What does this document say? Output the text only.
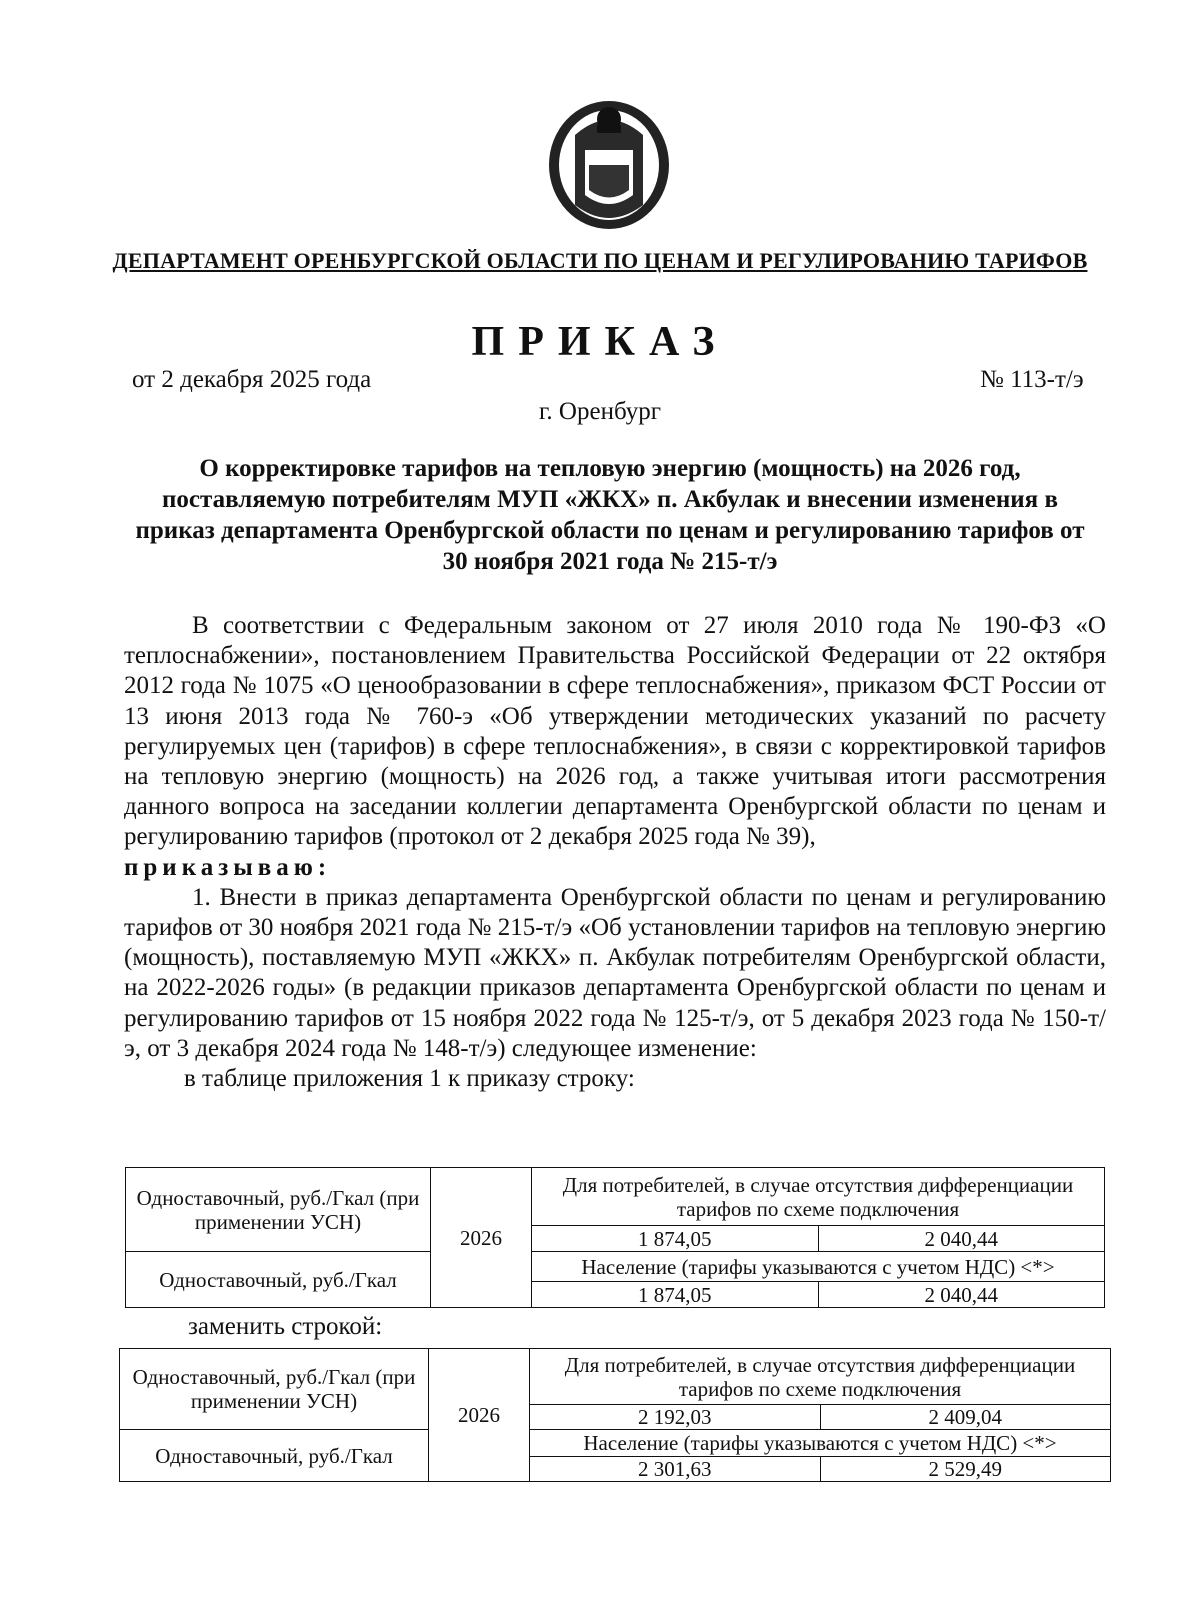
ДЕПАРТАМЕНТ ОРЕНБУРГСКОЙ ОБЛАСТИ ПО ЦЕНАМ И РЕГУЛИРОВАНИЮ ТАРИФОВ
ПРИКАЗ
от 2 декабря 2025 года	№ 113-т/э
г. Оренбург
О корректировке тарифов на тепловую энергию (мощность) на 2026 год, поставляемую потребителям МУП «ЖКХ» п. Акбулак и внесении изменения в приказ департамента Оренбургской области по ценам и регулированию тарифов от 30 ноября 2021 года № 215-т/э
В соответствии с Федеральным законом от 27 июля 2010 года № 190-ФЗ «О теплоснабжении», постановлением Правительства Российской Федерации от 22 октября 2012 года № 1075 «О ценообразовании в сфере теплоснабжения», приказом ФСТ России от 13 июня 2013 года № 760-э «Об утверждении методических указаний по расчету регулируемых цен (тарифов) в сфере теплоснабжения», в связи с корректировкой тарифов на тепловую энергию (мощность) на 2026 год, а также учитывая итоги рассмотрения данного вопроса на заседании коллегии департамента Оренбургской области по ценам и регулированию тарифов (протокол от 2 декабря 2025 года № 39),
приказываю:
1. Внести в приказ департамента Оренбургской области по ценам и регулированию тарифов от 30 ноября 2021 года № 215-т/э «Об установлении тарифов на тепловую энергию (мощность), поставляемую МУП «ЖКХ» п. Акбулак потребителям Оренбургской области, на 2022-2026 годы» (в редакции приказов департамента Оренбургской области по ценам и регулированию тарифов от 15 ноября 2022 года № 125-т/э, от 5 декабря 2023 года № 150-т/э, от 3 декабря 2024 года № 148-т/э) следующее изменение:
в таблице приложения 1 к приказу строку:
Одноставочный, руб./Гкал (при применении УСН)	2026	Для потребителей, в случае отсутствия дифференциации тарифов по схеме подключения	
		1 874,05	2 040,44
Одноставочный, руб./Гкал		Население (тарифы указываются с учетом НДС) <*>	
		1 874,05	2 040,44
заменить строкой:
Одноставочный, руб./Гкал (при применении УСН)	2026	Для потребителей, в случае отсутствия дифференциации тарифов по схеме подключения	
		2 192,03	2 409,04
Одноставочный, руб./Гкал		Население (тарифы указываются с учетом НДС) <*>	
		2 301,63	2 529,49
